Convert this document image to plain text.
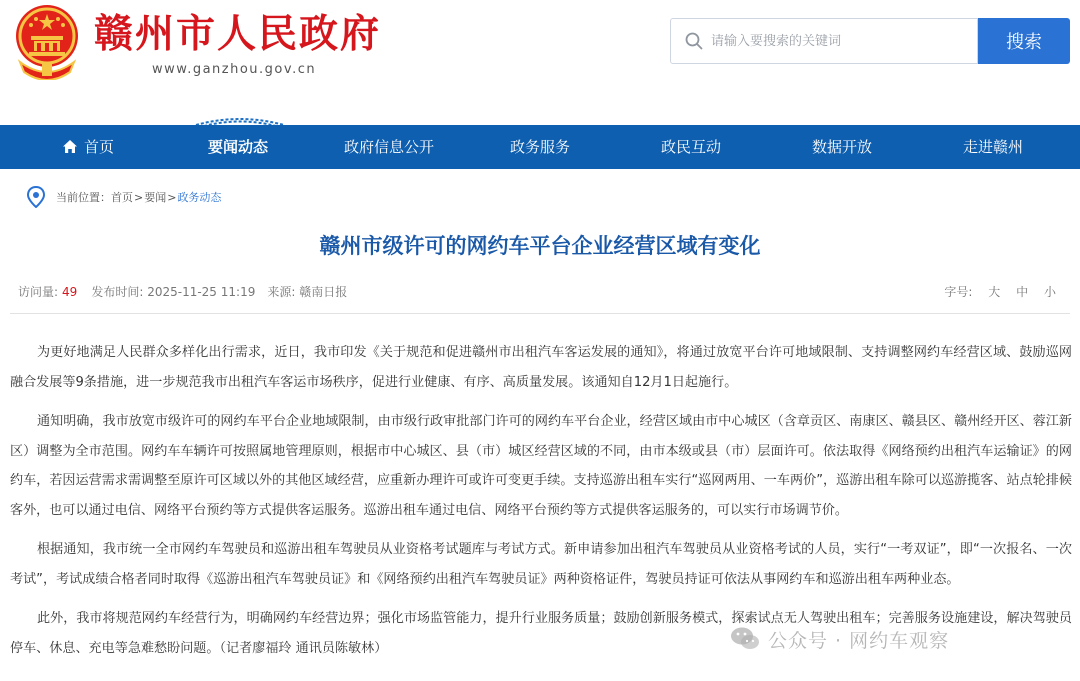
赣州市人民政府
www.ganzhou.gov.cn
请输入要搜索的关键词
搜索
首页	要闻动态	政府信息公开	政务服务	政民互动	数据开放	走进赣州
当前位置： 首页 > 要闻 > 政务动态
赣州市级许可的网约车平台企业经营区域有变化
访问量: 49 发布时间: 2025-11-25 11:19 来源: 赣南日报	字号: 大 中 小

为更好地满足人民群众多样化出行需求，近日，我市印发《关于规范和促进赣州市出租汽车客运发展的通知》，将通过放宽平台许可地域限制、支持调整网约车经营区域、鼓励巡网融合发展等9条措施，进一步规范我市出租汽车客运市场秩序，促进行业健康、有序、高质量发展。该通知自12月1日起施行。

通知明确，我市放宽市级许可的网约车平台企业地域限制，由市级行政审批部门许可的网约车平台企业，经营区域由市中心城区（含章贡区、南康区、赣县区、赣州经开区、蓉江新区）调整为全市范围。网约车车辆许可按照属地管理原则，根据市中心城区、县（市）城区经营区域的不同，由市本级或县（市）层面许可。依法取得《网络预约出租汽车运输证》的网约车，若因运营需求需调整至原许可区域以外的其他区域经营，应重新办理许可或许可变更手续。支持巡游出租车实行“巡网两用、一车两价”，巡游出租车除可以巡游揽客、站点轮排候客外，也可以通过电信、网络平台预约等方式提供客运服务。巡游出租车通过电信、网络平台预约等方式提供客运服务的，可以实行市场调节价。

根据通知，我市统一全市网约车驾驶员和巡游出租车驾驶员从业资格考试题库与考试方式。新申请参加出租汽车驾驶员从业资格考试的人员，实行“一考双证”，即“一次报名、一次考试”，考试成绩合格者同时取得《巡游出租汽车驾驶员证》和《网络预约出租汽车驾驶员证》两种资格证件，驾驶员持证可依法从事网约车和巡游出租车两种业态。

此外，我市将规范网约车经营行为，明确网约车经营边界；强化市场监管能力，提升行业服务质量；鼓励创新服务模式，探索试点无人驾驶出租车；完善服务设施建设，解决驾驶员停车、休息、充电等急难愁盼问题。（记者廖福玲 通讯员陈敏林）	公众号 · 网约车观察
